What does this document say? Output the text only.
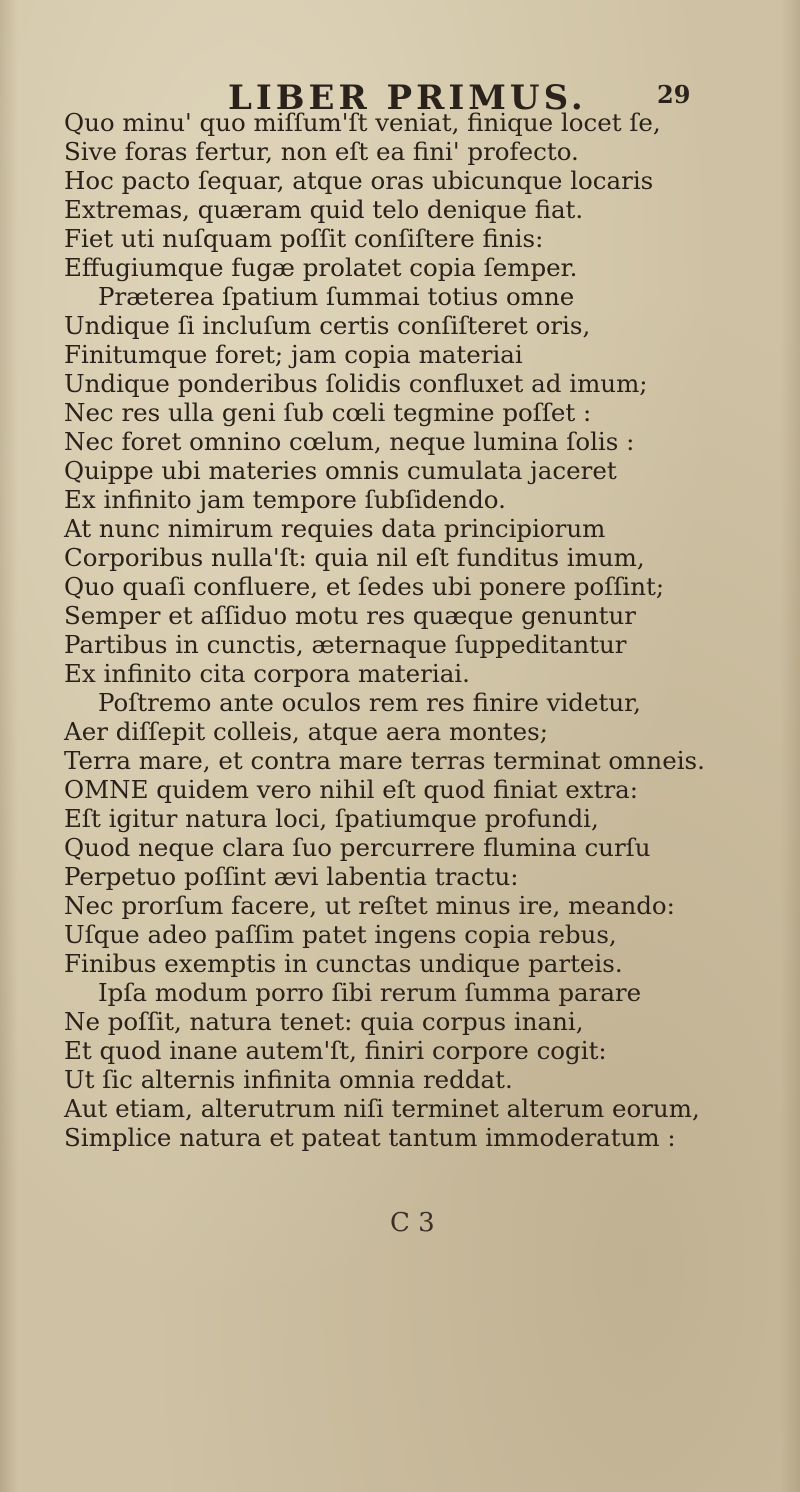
LIBER PRIMUS.	29
Quo minu' quo miſſum'ſt veniat, finique locet ſe,
Sive foras fertur, non eſt ea fini' profecto.
Hoc pacto ſequar, atque oras ubicunque locaris
Extremas, quæram quid telo denique fiat.
Fiet uti nuſquam poſſit conſiſtere finis:
Effugiumque fugæ prolatet copia ſemper.
Præterea ſpatium ſummai totius omne
Undique ſi incluſum certis conſiſteret oris,
Finitumque foret; jam copia materiai
Undique ponderibus ſolidis confluxet ad imum;
Nec res ulla geni ſub cœli tegmine poſſet :
Nec foret omnino cœlum, neque lumina ſolis :
Quippe ubi materies omnis cumulata jaceret
Ex infinito jam tempore ſubſidendo.
At nunc nimirum requies data principiorum
Corporibus nulla'ſt: quia nil eſt funditus imum,
Quo quaſi confluere, et ſedes ubi ponere poſſint;
Semper et aſſiduo motu res quæque genuntur
Partibus in cunctis, æternaque ſuppeditantur
Ex infinito cita corpora materiai.
Poſtremo ante oculos rem res finire videtur,
Aer diſſepit colleis, atque aera montes;
Terra mare, et contra mare terras terminat omneis.
OMNE quidem vero nihil eſt quod finiat extra:
Eſt igitur natura loci, ſpatiumque profundi,
Quod neque clara ſuo percurrere flumina curſu
Perpetuo poſſint ævi labentia tractu:
Nec prorſum facere, ut reſtet minus ire, meando:
Uſque adeo paſſim patet ingens copia rebus,
Finibus exemptis in cunctas undique parteis.
Ipſa modum porro ſibi rerum ſumma parare
Ne poſſit, natura tenet: quia corpus inani,
Et quod inane autem'ſt, finiri corpore cogit:
Ut ſic alternis infinita omnia reddat.
Aut etiam, alterutrum niſi terminet alterum eorum,
Simplice natura et pateat tantum immoderatum :
C 3
